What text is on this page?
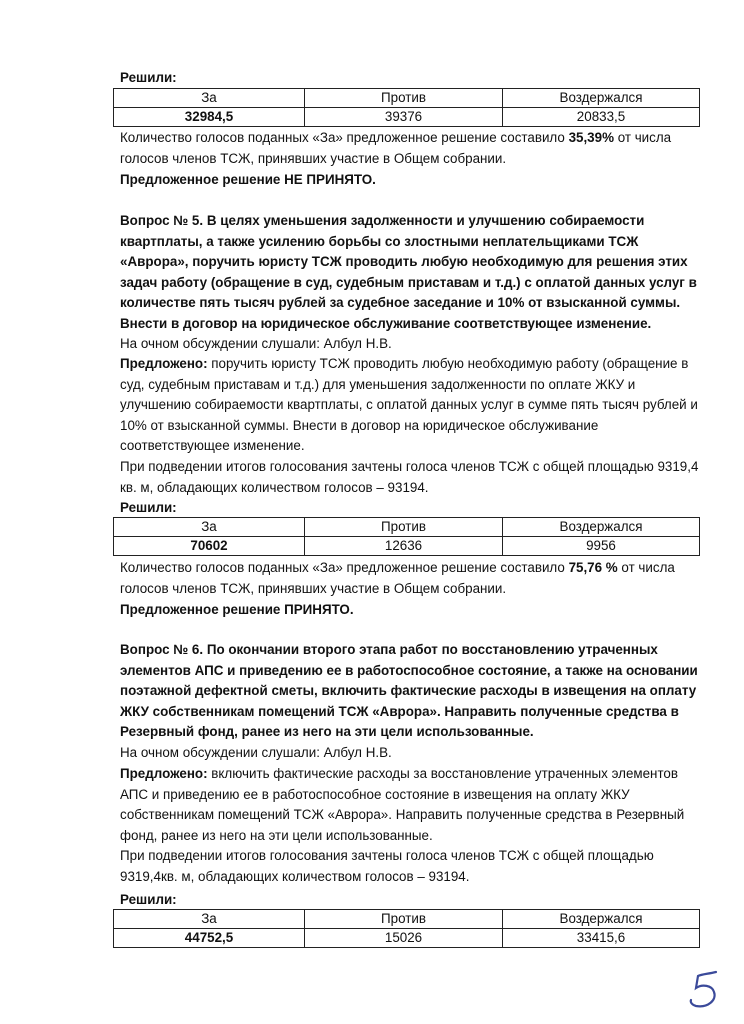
Решили:
За	Против	Воздержался
32984,5	39376	20833,5

Количество голосов поданных «За» предложенное решение составило 35,39% от числа голосов членов ТСЖ, принявших участие в Общем собрании.

Предложенное решение НЕ ПРИНЯТО.

Вопрос № 5. В целях уменьшения задолженности и улучшению собираемости квартплаты, а также усилению борьбы со злостными неплательщиками ТСЖ «Аврора», поручить юристу ТСЖ проводить любую необходимую для решения этих задач работу (обращение в суд, судебным приставам и т.д.) с оплатой данных услуг в количестве пять тысяч рублей за судебное заседание и 10% от взысканной суммы. Внести в договор на юридическое обслуживание соответствующее изменение.

На очном обсуждении слушали: Албул Н.В.

Предложено: поручить юристу ТСЖ проводить любую необходимую работу (обращение в суд, судебным приставам и т.д.) для уменьшения задолженности по оплате ЖКУ и улучшению собираемости квартплаты, с оплатой данных услуг в сумме пять тысяч рублей и 10% от взысканной суммы. Внести в договор на юридическое обслуживание соответствующее изменение.

При подведении итогов голосования зачтены голоса членов ТСЖ с общей площадью 9319,4 кв. м, обладающих количеством голосов – 93194.

Решили:
За	Против	Воздержался
70602	12636	9956

Количество голосов поданных «За» предложенное решение составило 75,76 % от числа голосов членов ТСЖ, принявших участие в Общем собрании.

Предложенное решение ПРИНЯТО.

Вопрос № 6. По окончании второго этапа работ по восстановлению утраченных элементов АПС и приведению ее в работоспособное состояние, а также на основании поэтажной дефектной сметы, включить фактические расходы в извещения на оплату ЖКУ собственникам помещений ТСЖ «Аврора». Направить полученные средства в Резервный фонд, ранее из него на эти цели использованные.

На очном обсуждении слушали: Албул Н.В.

Предложено: включить фактические расходы за восстановление утраченных элементов АПС и приведению ее в работоспособное состояние в извещения на оплату ЖКУ собственникам помещений ТСЖ «Аврора». Направить полученные средства в Резервный фонд, ранее из него на эти цели использованные.

При подведении итогов голосования зачтены голоса членов ТСЖ с общей площадью 9319,4кв. м, обладающих количеством голосов – 93194.

Решили:
За	Против	Воздержался
44752,5	15026	33415,6
5
